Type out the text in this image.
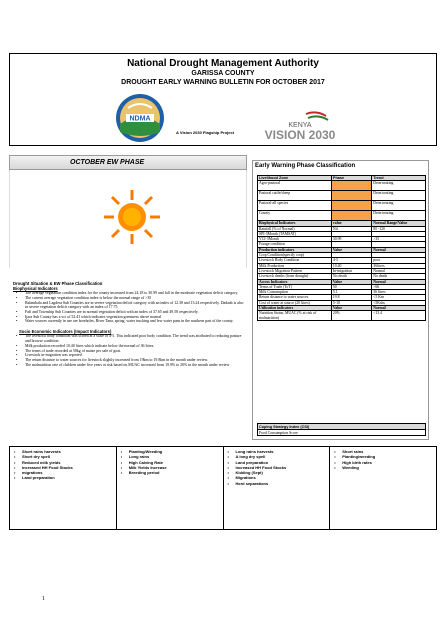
National Drought Management Authority
GARISSA COUNTY
DROUGHT EARLY WARNING BULLETIN FOR OCTOBER 2017
NDMA
A Vision 2030 Flagship Project
KENYA
VISION 2030
OCTOBER EW PHASE
Drought Situation & EW Phase Classification
Biophysical Indicators
• The average vegetation condition index for the county increased from 24.18 to 30.99 and fall in the moderate vegetation deficit category.
• The current average vegetation condition index is below the normal range of >35
• Balambala and Lagdera Sub Counties are in severe vegetation deficit category with an index of 12.38 and 13.24 respectively. Dadaab is also in severe vegetation deficit category with an index of 17.75
• Fafi and Township Sub Counties are in normal vegetation deficit with an index of 37.65 and 49.58 respectively.
• Ijara Sub County has a vci of 52.41 which indicates vegetation greenness above normal
• Water sources currently in use are boreholes, River Tana, spring, water trucking and few water pans in the southern part of the county.
Socio Economic Indicators (Impact Indicators)
• The livestock body condition was scored at a scale of 4-5. This indicated poor body condition. The trend was attributed to reducing pasture and browse condition
• Milk production recorded 10.40 litres which indicate below the normal of 36 litres.
• The terms of trade recorded at 50kg of maize per sale of goat.
• Livestock in-migration was reported
• The return distance to water sources for livestock slightly increased from 19km to 19.8km in the month under review.
• The malnutrition rate of children under five years at risk based on MUAC increased from 19.9% to 20% in the month under review
Early Warning Phase Classification
Livelihood Zone	Phase	Trend
Agro-pastoral	Alarm	Deteriorating
Pastoral cattle/sheep	Alarm	Deteriorating
Pastoral-all species	Alarm	Deteriorating
County	Alarm	Deteriorating
Biophysical Indicators	value	Normal Range/Value
Rainfall (% of Normal)	Nil	80 -120
SPI-3Month (TAMSAT)		
VCI-3Month	30.99	>35
Forage condition		
Production indicators	Value	Normal
Crop Condition(specify crop)		
Livestock Body Condition	4-5	poor
Milk Production	10.40	36litres
Livestock Migration Pattern	In-migration	Normal
Livestock deaths (from drought)	No death	No death
Access Indicators	Value	Normal
Terms of Trade (ToT)	50	>66
Milk Consumption	5.1	36 litres
Return distance to water sources	19.8	<5 Km
Cost of water at source (20 litres)	5-10	<5Kshs
Utilization indicators	Value	Normal
Nutrition Status, MUAC (% at risk of malnutrition)	20%	<13.4
Coping Strategy Index (CSI)
Food Consumption Score
• Short rains harvests
• Short dry spell
• Reduced milk yields
• Increased HH Food Stocks
• migrations
• Land preparation
• Planting/Weeding
• Long rains
• High Calving Rate
• Milk Yields Increase
• Breeding period
• Long rains harvests
• A long dry spell
• Land preparation
• Increased HH Food Stocks
• Kidding (Sept)
• Migrations
• Herd separations
• Short rains
• Planting/weeding
• High birth rates
• Weeding
1
